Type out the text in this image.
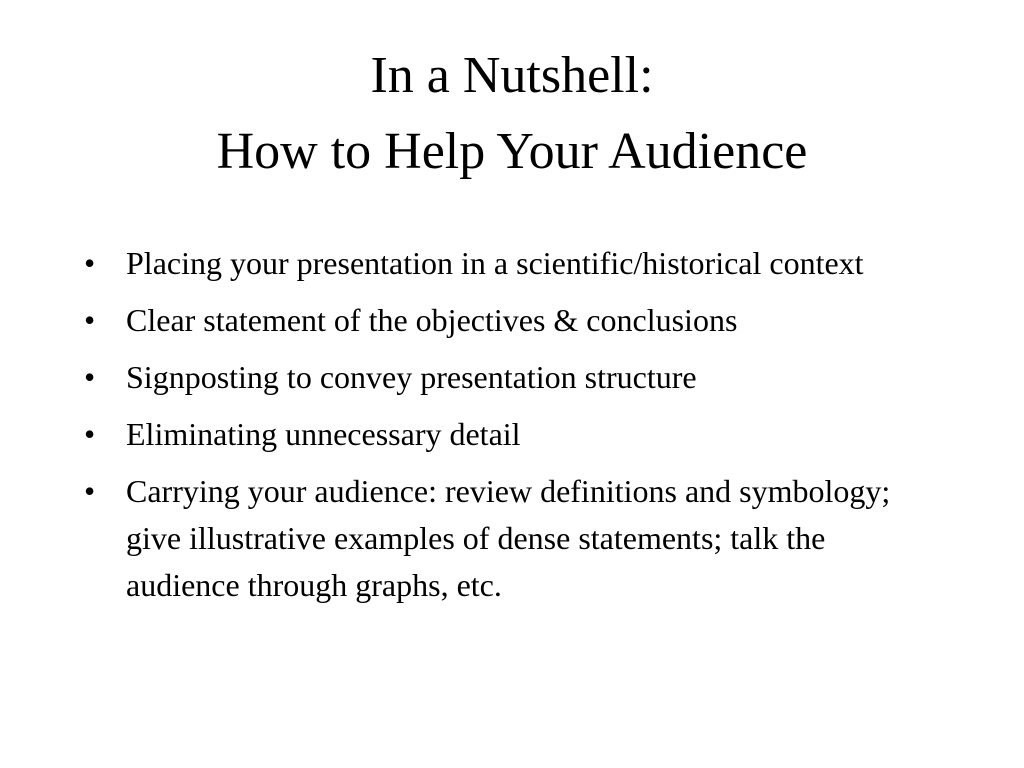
In a Nutshell:
How to Help Your Audience
• Placing your presentation in a scientific/historical context
• Clear statement of the objectives & conclusions
• Signposting to convey presentation structure
• Eliminating unnecessary detail
• Carrying your audience: review definitions and symbology; give illustrative examples of dense statements; talk the audience through graphs, etc.
